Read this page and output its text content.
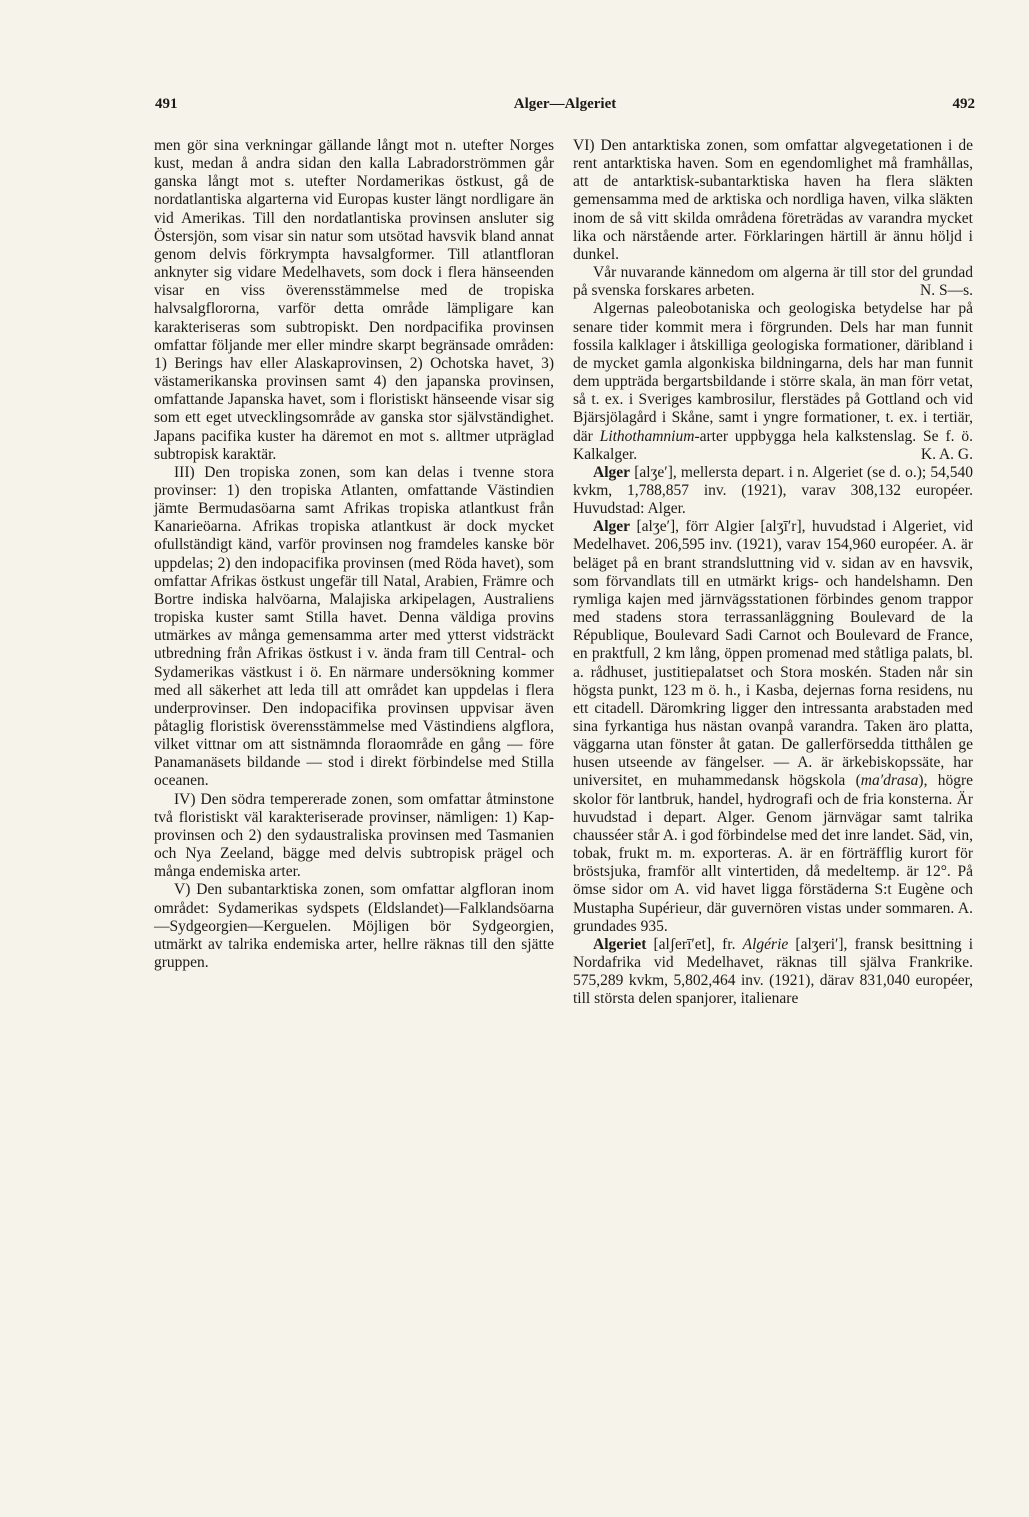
491	Alger—Algeriet	492

men gör sina verkningar gällande långt mot n. utefter Norges kust, medan å andra sidan den kalla Labradorströmmen går ganska långt mot s. utefter Nordamerikas östkust, gå de nordatlantiska algarterna vid Europas kuster längt nordligare än vid Amerikas. Till den nordatlantiska provinsen ansluter sig Östersjön, som visar sin natur som utsötad havsvik bland annat genom delvis förkrympta havsalgformer. Till atlantfloran anknyter sig vidare Medelhavets, som dock i flera hänseenden visar en viss överensstämmelse med de tropiska halvsalgflororna, varför detta område lämpligare kan karakteriseras som subtropiskt. Den nordpacifika provinsen omfattar följande mer eller mindre skarpt begränsade områden: 1) Berings hav eller Alaskaprovinsen, 2) Ochotska havet, 3) västamerikanska provinsen samt 4) den japanska provinsen, omfattande Japanska havet, som i floristiskt hänseende visar sig som ett eget utvecklingsområde av ganska stor självständighet. Japans pacifika kuster ha däremot en mot s. alltmer utpräglad subtropisk karaktär.

III) Den tropiska zonen, som kan delas i tvenne stora provinser: 1) den tropiska Atlanten, omfattande Västindien jämte Bermudasöarna samt Afrikas tropiska atlantkust från Kanarieöarna. Afrikas tropiska atlantkust är dock mycket ofullständigt känd, varför provinsen nog framdeles kanske bör uppdelas; 2) den indopacifika provinsen (med Röda havet), som omfattar Afrikas östkust ungefär till Natal, Arabien, Främre och Bortre indiska halvöarna, Malajiska arkipelagen, Australiens tropiska kuster samt Stilla havet. Denna väldiga provins utmärkes av många gemensamma arter med ytterst vidsträckt utbredning från Afrikas östkust i v. ända fram till Central- och Sydamerikas västkust i ö. En närmare undersökning kommer med all säkerhet att leda till att området kan uppdelas i flera underprovinser. Den indopacifika provinsen uppvisar även påtaglig floristisk överensstämmelse med Västindiens algflora, vilket vittnar om att sistnämnda floraområde en gång — före Panamanäsets bildande — stod i direkt förbindelse med Stilla oceanen.

IV) Den södra tempererade zonen, som omfattar åtminstone två floristiskt väl karakteriserade provinser, nämligen: 1) Kap-provinsen och 2) den sydaustraliska provinsen med Tasmanien och Nya Zeeland, bägge med delvis subtropisk prägel och många endemiska arter.

V) Den subantarktiska zonen, som omfattar algfloran inom området: Sydamerikas sydspets (Eldslandet)—Falklandsöarna—Sydgeorgien—Kerguelen. Möjligen bör Sydgeorgien, utmärkt av talrika endemiska arter, hellre räknas till den sjätte gruppen.

VI) Den antarktiska zonen, som omfattar algvegetationen i de rent antarktiska haven. Som en egendomlighet må framhållas, att de antarktisk-subantarktiska haven ha flera släkten gemensamma med de arktiska och nordliga haven, vilka släkten inom de så vitt skilda områdena företrädas av varandra mycket lika och närstående arter. Förklaringen härtill är ännu höljd i dunkel.

Vår nuvarande kännedom om algerna är till stor del grundad på svenska forskares arbeten.	N. S—s.

Algernas paleobotaniska och geologiska betydelse har på senare tider kommit mera i förgrunden. Dels har man funnit fossila kalklager i åtskilliga geologiska formationer, däribland i de mycket gamla algonkiska bildningarna, dels har man funnit dem uppträda bergartsbildande i större skala, än man förr vetat, så t. ex. i Sveriges kambrosilur, flerstädes på Gottland och vid Bjärsjölagård i Skåne, samt i yngre formationer, t. ex. i tertiär, där Lithothamnium-arter uppbygga hela kalkstenslag. Se f. ö. Kalkalger.	K. A. G.

Alger [alʒe′], mellersta depart. i n. Algeriet (se d. o.); 54,540 kvkm, 1,788,857 inv. (1921), varav 308,132 européer. Huvudstad: Alger.

Alger [alʒe′], förr Algier [alʒī′r], huvudstad i Algeriet, vid Medelhavet. 206,595 inv. (1921), varav 154,960 européer. A. är beläget på en brant strandsluttning vid v. sidan av en havsvik, som förvandlats till en utmärkt krigs- och handelshamn. Den rymliga kajen med järnvägsstationen förbindes genom trappor med stadens stora terrassanläggning Boulevard de la République, Boulevard Sadi Carnot och Boulevard de France, en praktfull, 2 km lång, öppen promenad med ståtliga palats, bl. a. rådhuset, justitiepalatset och Stora moskén. Staden når sin högsta punkt, 123 m ö. h., i Kasba, dejernas forna residens, nu ett citadell. Däromkring ligger den intressanta arabstaden med sina fyrkantiga hus nästan ovanpå varandra. Taken äro platta, väggarna utan fönster åt gatan. De gallerförsedda titthålen ge husen utseende av fängelser. — A. är ärkebiskopssäte, har universitet, en muhammedansk högskola (ma′drasa), högre skolor för lantbruk, handel, hydrografi och de fria konsterna. Är huvudstad i depart. Alger. Genom järnvägar samt talrika chausséer står A. i god förbindelse med det inre landet. Säd, vin, tobak, frukt m. m. exporteras. A. är en förträfflig kurort för bröstsjuka, framför allt vintertiden, då medeltemp. är 12°. På ömse sidor om A. vid havet ligga förstäderna S:t Eugène och Mustapha Supérieur, där guvernören vistas under sommaren. A. grundades 935.

Algeriet [alʃerī′et], fr. Algérie [alʒeri′], fransk besittning i Nordafrika vid Medelhavet, räknas till själva Frankrike. 575,289 kvkm, 5,802,464 inv. (1921), därav 831,040 européer, till största delen spanjorer, italienare
